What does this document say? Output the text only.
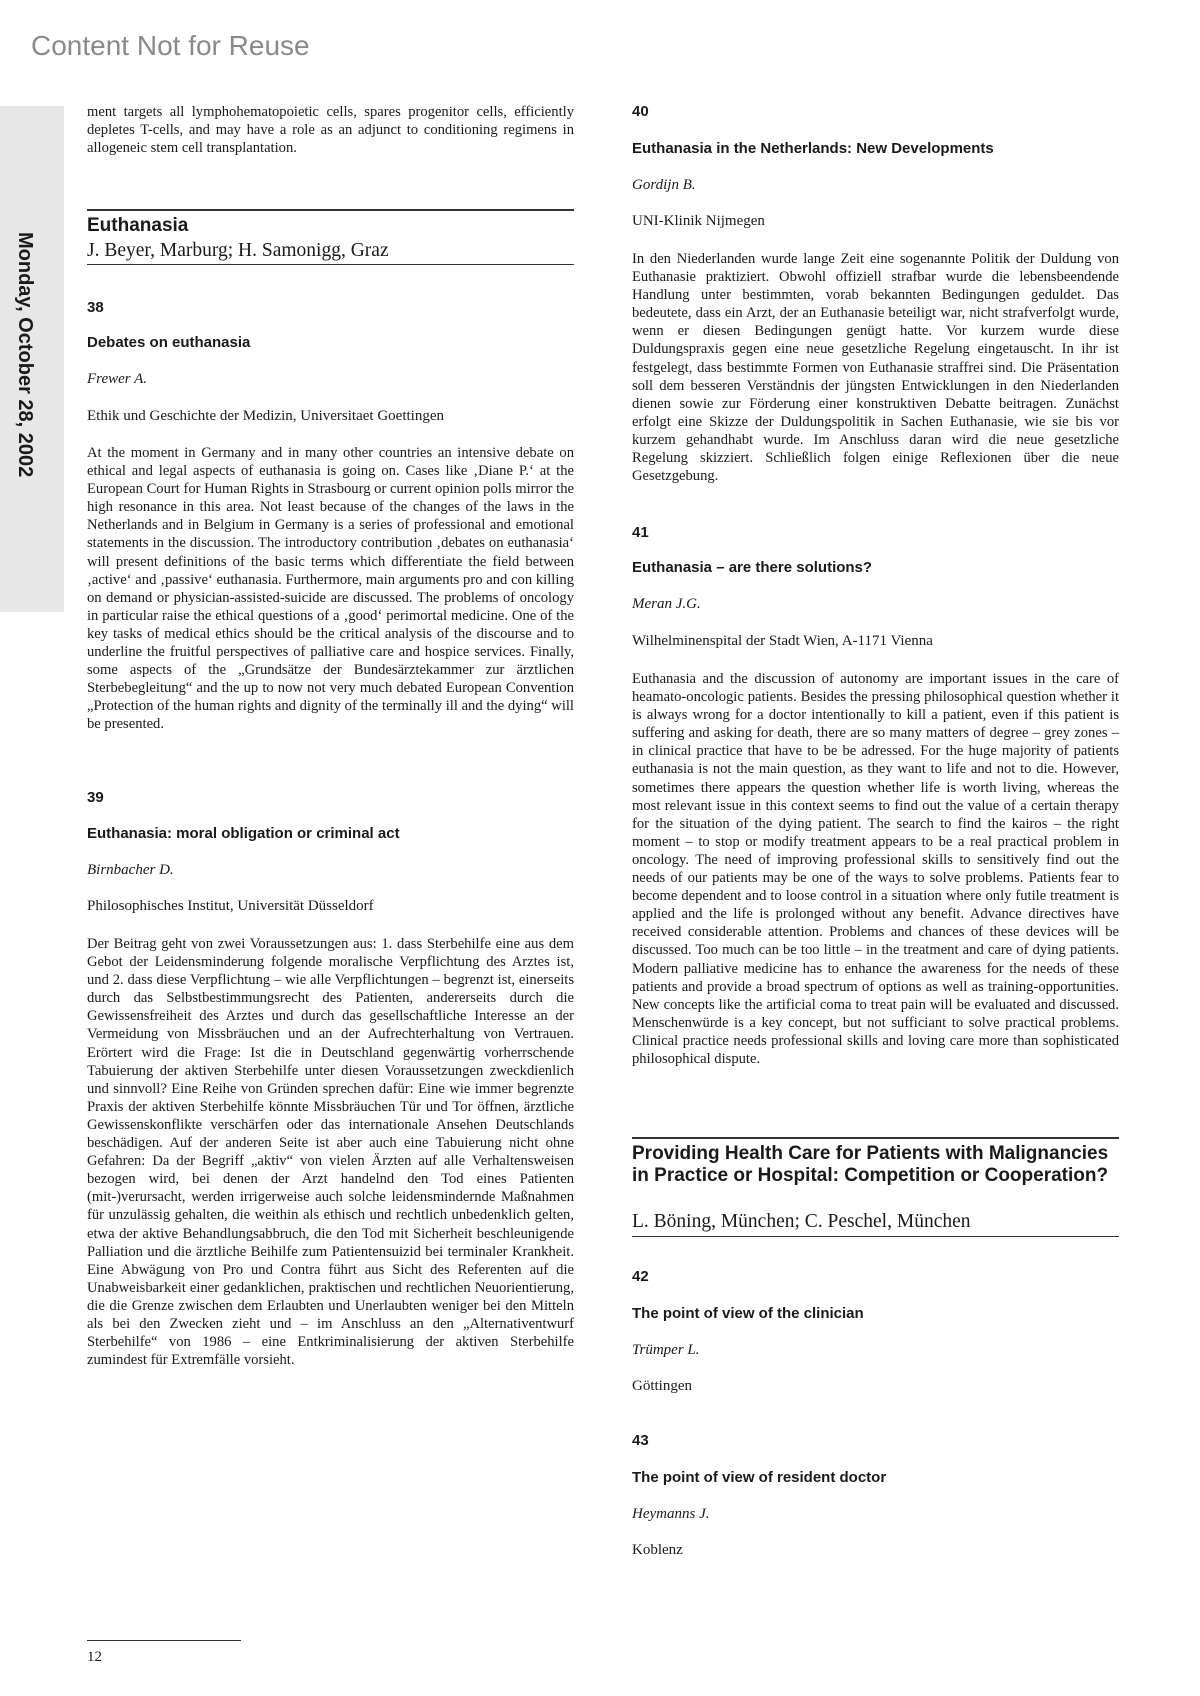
Content Not for Reuse
Monday, October 28, 2002

ment targets all lymphohematopoietic cells, spares progenitor cells, efficiently depletes T-cells, and may have a role as an adjunct to conditioning regimens in allogeneic stem cell transplantation.

Euthanasia

J. Beyer, Marburg; H. Samonigg, Graz

38

Debates on euthanasia

Frewer A.

Ethik und Geschichte der Medizin, Universitaet Goettingen

At the moment in Germany and in many other countries an intensive debate on ethical and legal aspects of euthanasia is going on. Cases like ‚Diane P.‘ at the European Court for Human Rights in Strasbourg or current opinion polls mirror the high resonance in this area. Not least because of the changes of the laws in the Netherlands and in Belgium in Germany is a series of professional and emotional statements in the discussion. The introductory contribution ‚debates on euthanasia‘ will present definitions of the basic terms which differentiate the field between ‚active‘ and ‚passive‘ euthanasia. Furthermore, main arguments pro and con killing on demand or physician-assisted-suicide are discussed. The problems of oncology in particular raise the ethical questions of a ‚good‘ perimortal medicine. One of the key tasks of medical ethics should be the critical analysis of the discourse and to underline the fruitful perspectives of palliative care and hospice services. Finally, some aspects of the „Grundsätze der Bundesärztekammer zur ärztlichen Sterbebegleitung“ and the up to now not very much debated European Convention „Protection of the human rights and dignity of the terminally ill and the dying“ will be presented.

39

Euthanasia: moral obligation or criminal act

Birnbacher D.

Philosophisches Institut, Universität Düsseldorf

Der Beitrag geht von zwei Voraussetzungen aus: 1. dass Sterbehilfe eine aus dem Gebot der Leidensminderung folgende moralische Verpflichtung des Arztes ist, und 2. dass diese Verpflichtung – wie alle Verpflichtungen – begrenzt ist, einerseits durch das Selbstbestimmungsrecht des Patienten, andererseits durch die Gewissensfreiheit des Arztes und durch das gesellschaftliche Interesse an der Vermeidung von Missbräuchen und an der Aufrechterhaltung von Vertrauen. Erörtert wird die Frage: Ist die in Deutschland gegenwärtig vorherrschende Tabuierung der aktiven Sterbehilfe unter diesen Voraussetzungen zweckdienlich und sinnvoll? Eine Reihe von Gründen sprechen dafür: Eine wie immer begrenzte Praxis der aktiven Sterbehilfe könnte Missbräuchen Tür und Tor öffnen, ärztliche Gewissenskonflikte verschärfen oder das internationale Ansehen Deutschlands beschädigen. Auf der anderen Seite ist aber auch eine Tabuierung nicht ohne Gefahren: Da der Begriff „aktiv“ von vielen Ärzten auf alle Verhaltensweisen bezogen wird, bei denen der Arzt handelnd den Tod eines Patienten (mit-)verursacht, werden irrigerweise auch solche leidensmindernde Maßnahmen für unzulässig gehalten, die weithin als ethisch und rechtlich unbedenklich gelten, etwa der aktive Behandlungsabbruch, die den Tod mit Sicherheit beschleunigende Palliation und die ärztliche Beihilfe zum Patientensuizid bei terminaler Krankheit. Eine Abwägung von Pro und Contra führt aus Sicht des Referenten auf die Unabweisbarkeit einer gedanklichen, praktischen und rechtlichen Neuorientierung, die die Grenze zwischen dem Erlaubten und Unerlaubten weniger bei den Mitteln als bei den Zwecken zieht und – im Anschluss an den „Alternativentwurf Sterbehilfe“ von 1986 – eine Entkriminalisierung der aktiven Sterbehilfe zumindest für Extremfälle vorsieht.

40

Euthanasia in the Netherlands: New Developments

Gordijn B.

UNI-Klinik Nijmegen

In den Niederlanden wurde lange Zeit eine sogenannte Politik der Duldung von Euthanasie praktiziert. Obwohl offiziell strafbar wurde die lebensbeendende Handlung unter bestimmten, vorab bekannten Bedingungen geduldet. Das bedeutete, dass ein Arzt, der an Euthanasie beteiligt war, nicht strafverfolgt wurde, wenn er diesen Bedingungen genügt hatte. Vor kurzem wurde diese Duldungspraxis gegen eine neue gesetzliche Regelung eingetauscht. In ihr ist festgelegt, dass bestimmte Formen von Euthanasie straffrei sind. Die Präsentation soll dem besseren Verständnis der jüngsten Entwicklungen in den Niederlanden dienen sowie zur Förderung einer konstruktiven Debatte beitragen. Zunächst erfolgt eine Skizze der Duldungspolitik in Sachen Euthanasie, wie sie bis vor kurzem gehandhabt wurde. Im Anschluss daran wird die neue gesetzliche Regelung skizziert. Schließlich folgen einige Reflexionen über die neue Gesetzgebung.

41

Euthanasia – are there solutions?

Meran J.G.

Wilhelminenspital der Stadt Wien, A-1171 Vienna

Euthanasia and the discussion of autonomy are important issues in the care of heamato-oncologic patients. Besides the pressing philosophical question whether it is always wrong for a doctor intentionally to kill a patient, even if this patient is suffering and asking for death, there are so many matters of degree – grey zones – in clinical practice that have to be be adressed. For the huge majority of patients euthanasia is not the main question, as they want to life and not to die. However, sometimes there appears the question whether life is worth living, whereas the most relevant issue in this context seems to find out the value of a certain therapy for the situation of the dying patient. The search to find the kairos – the right moment – to stop or modify treatment appears to be a real practical problem in oncology. The need of improving professional skills to sensitively find out the needs of our patients may be one of the ways to solve problems. Patients fear to become dependent and to loose control in a situation where only futile treatment is applied and the life is prolonged without any benefit. Advance directives have received considerable attention. Problems and chances of these devices will be discussed. Too much can be too little – in the treatment and care of dying patients. Modern palliative medicine has to enhance the awareness for the needs of these patients and provide a broad spectrum of options as well as training-opportunities. New concepts like the artificial coma to treat pain will be evaluated and discussed. Menschenwürde is a key concept, but not sufficiant to solve practical problems. Clinical practice needs professional skills and loving care more than sophisticated philosophical dispute.

Providing Health Care for Patients with Malignancies in Practice or Hospital: Competition or Cooperation?

L. Böning, München; C. Peschel, München

42

The point of view of the clinician

Trümper L.

Göttingen

43

The point of view of resident doctor

Heymanns J.

Koblenz

12
